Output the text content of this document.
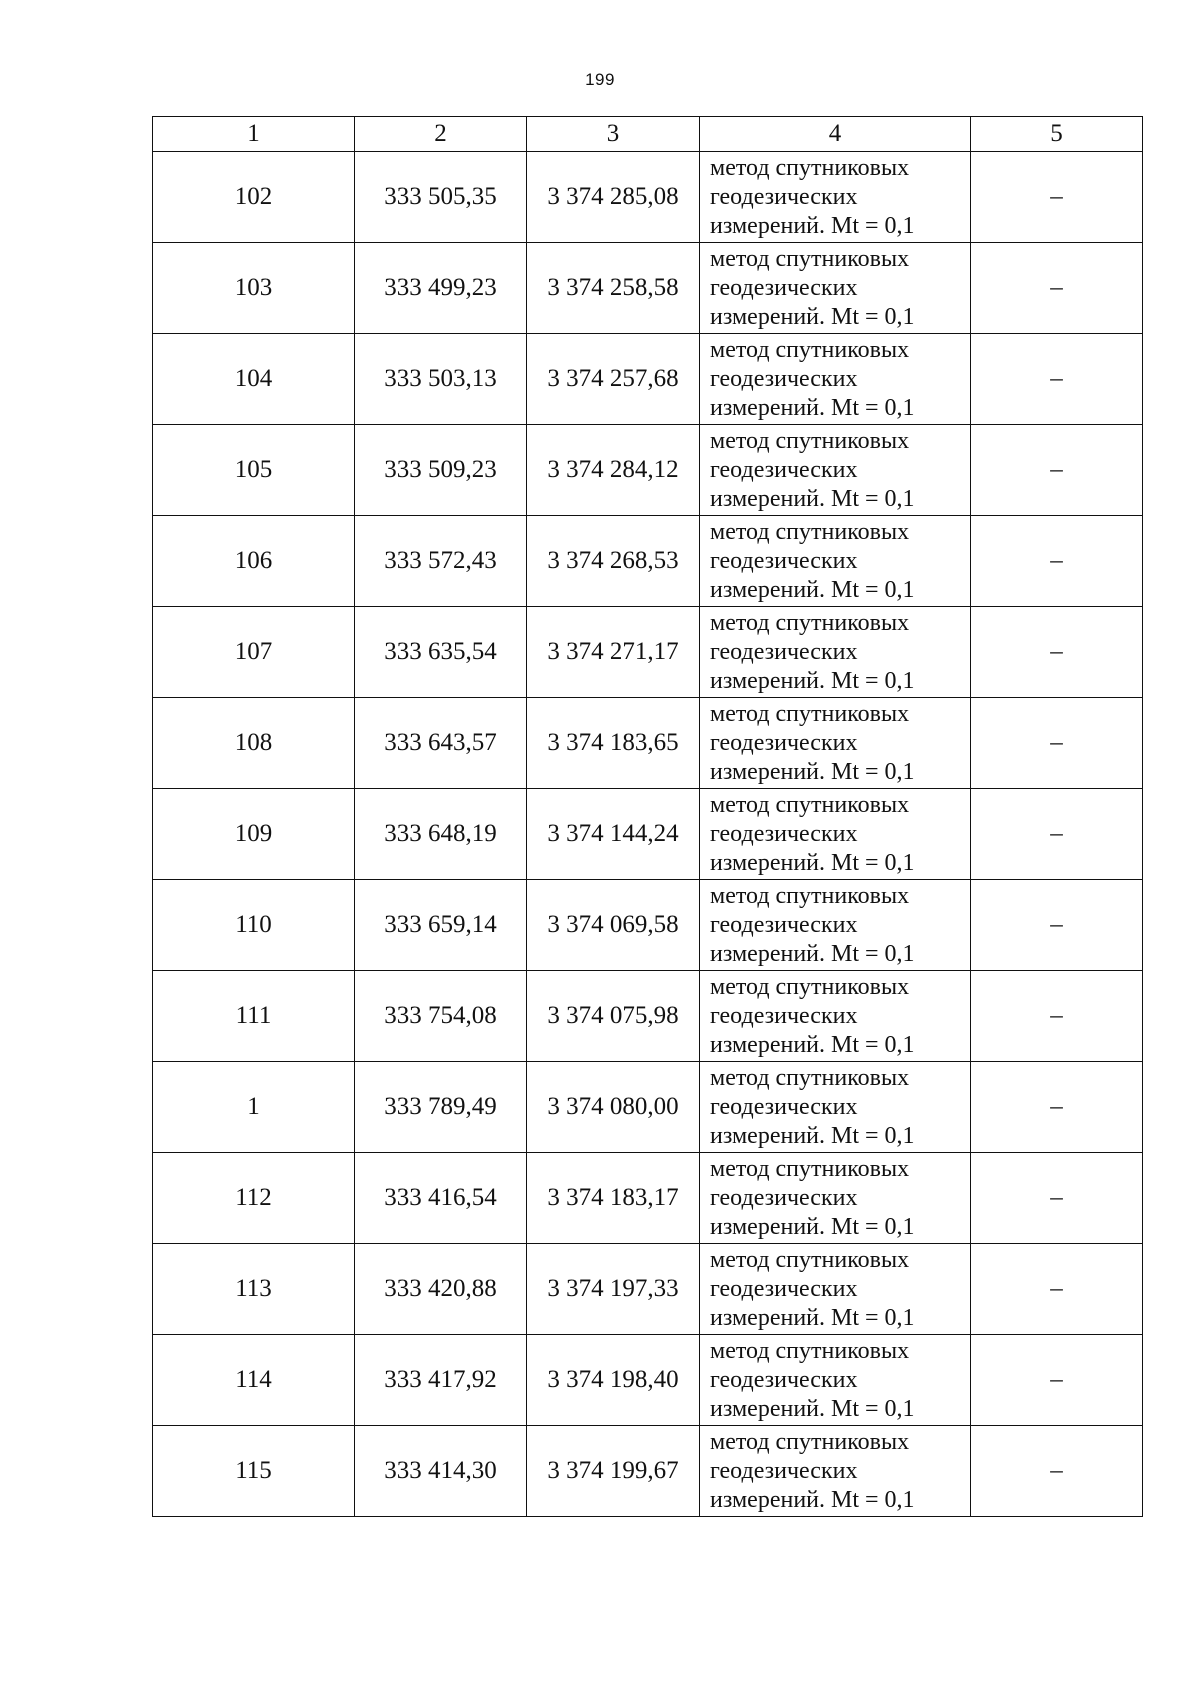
199
1	2	3	4	5
102	333 505,35	3 374 285,08	метод спутниковых
геодезических
измерений. Mt = 0,1	–
103	333 499,23	3 374 258,58	метод спутниковых
геодезических
измерений. Mt = 0,1	–
104	333 503,13	3 374 257,68	метод спутниковых
геодезических
измерений. Mt = 0,1	–
105	333 509,23	3 374 284,12	метод спутниковых
геодезических
измерений. Mt = 0,1	–
106	333 572,43	3 374 268,53	метод спутниковых
геодезических
измерений. Mt = 0,1	–
107	333 635,54	3 374 271,17	метод спутниковых
геодезических
измерений. Mt = 0,1	–
108	333 643,57	3 374 183,65	метод спутниковых
геодезических
измерений. Mt = 0,1	–
109	333 648,19	3 374 144,24	метод спутниковых
геодезических
измерений. Mt = 0,1	–
110	333 659,14	3 374 069,58	метод спутниковых
геодезических
измерений. Mt = 0,1	–
111	333 754,08	3 374 075,98	метод спутниковых
геодезических
измерений. Mt = 0,1	–
1	333 789,49	3 374 080,00	метод спутниковых
геодезических
измерений. Mt = 0,1	–
112	333 416,54	3 374 183,17	метод спутниковых
геодезических
измерений. Mt = 0,1	–
113	333 420,88	3 374 197,33	метод спутниковых
геодезических
измерений. Mt = 0,1	–
114	333 417,92	3 374 198,40	метод спутниковых
геодезических
измерений. Mt = 0,1	–
115	333 414,30	3 374 199,67	метод спутниковых
геодезических
измерений. Mt = 0,1	–
